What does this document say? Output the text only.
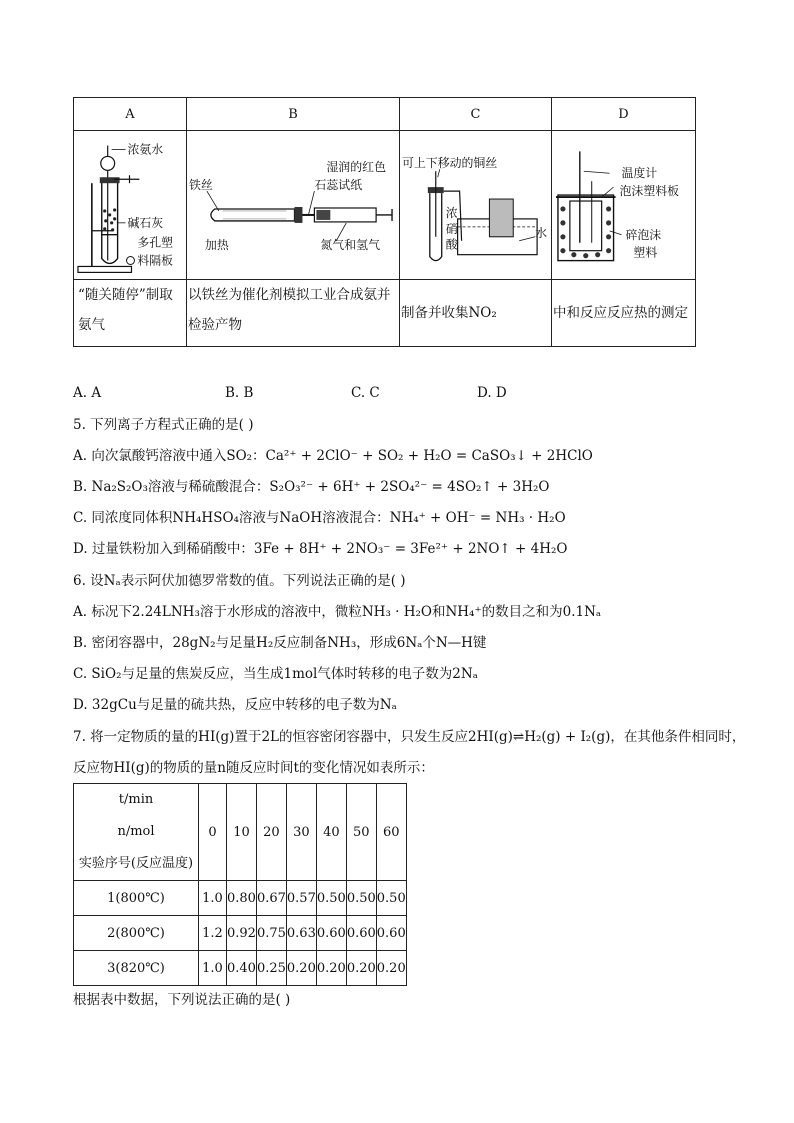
A	B	C	D

浓氨水
碱石灰
多孔塑
料隔板	铁丝
加热
湿润的红色
石蕊试纸
氮气和氢气	可上下移动的铜丝
浓
硝
酸
水	温度计
泡沫塑料板
碎泡沫
塑料

“随关随停”制取氨气	以铁丝为催化剂模拟工业合成氨并检验产物	制备并收集NO₂	中和反应反应热的测定
A. A	B. B	C. C	D. D
5. 下列离子方程式正确的是( )
A. 向次氯酸钙溶液中通入SO₂：Ca²⁺ + 2ClO⁻ + SO₂ + H₂O = CaSO₃↓ + 2HClO
B. Na₂S₂O₃溶液与稀硫酸混合：S₂O₃²⁻ + 6H⁺ + 2SO₄²⁻ = 4SO₂↑ + 3H₂O
C. 同浓度同体积NH₄HSO₄溶液与NaOH溶液混合：NH₄⁺ + OH⁻ = NH₃ · H₂O
D. 过量铁粉加入到稀硝酸中：3Fe + 8H⁺ + 2NO₃⁻ = 3Fe²⁺ + 2NO↑ + 4H₂O
6. 设Nₐ表示阿伏加德罗常数的值。下列说法正确的是( )
A. 标况下2.24LNH₃溶于水形成的溶液中，微粒NH₃ · H₂O和NH₄⁺的数目之和为0.1Nₐ
B. 密闭容器中，28gN₂与足量H₂反应制备NH₃，形成6Nₐ个N—H键
C. SiO₂与足量的焦炭反应，当生成1mol气体时转移的电子数为2Nₐ
D. 32gCu与足量的硫共热，反应中转移的电子数为Nₐ
7. 将一定物质的量的HI(g)置于2L的恒容密闭容器中，只发生反应2HI(g)⇌H₂(g) + I₂(g)，在其他条件相同时，
反应物HI(g)的物质的量n随反应时间t的变化情况如表所示：
t/min
n/mol
实验序号(反应温度)	0	10	20	30	40	50	60
1(800℃)	1.0	0.80	0.67	0.57	0.50	0.50	0.50
2(800℃)	1.2	0.92	0.75	0.63	0.60	0.60	0.60
3(820℃)	1.0	0.40	0.25	0.20	0.20	0.20	0.20
根据表中数据，下列说法正确的是( )
